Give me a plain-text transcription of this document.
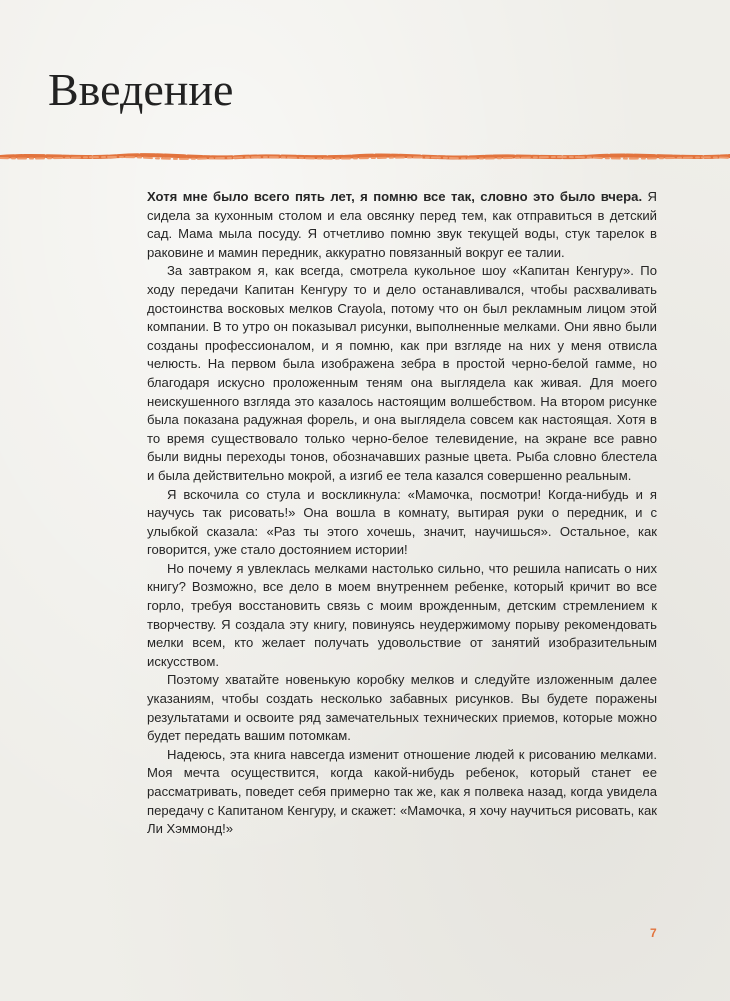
Введение

Хотя мне было всего пять лет, я помню все так, словно это было вчера. Я сидела за кухонным столом и ела овсянку перед тем, как отправиться в детский сад. Мама мыла посуду. Я отчетливо помню звук текущей воды, стук тарелок в раковине и мамин передник, аккуратно повязанный вокруг ее талии.

За завтраком я, как всегда, смотрела кукольное шоу «Капитан Кенгуру». По ходу передачи Капитан Кенгуру то и дело останавливался, чтобы расхваливать достоинства восковых мелков Crayola, потому что он был рекламным лицом этой компании. В то утро он показывал рисунки, выполненные мелками. Они явно были созданы профессионалом, и я помню, как при взгляде на них у меня отвисла челюсть. На первом была изображена зебра в простой черно-белой гамме, но благодаря искусно проложенным теням она выглядела как живая. Для моего неискушенного взгляда это казалось настоящим волшебством. На втором рисунке была показана радужная форель, и она выглядела совсем как настоящая. Хотя в то время существовало только черно-белое телевидение, на экране все равно были видны переходы тонов, обозначавших разные цвета. Рыба словно блестела и была действительно мокрой, а изгиб ее тела казался совершенно реальным.

Я вскочила со стула и воскликнула: «Мамочка, посмотри! Когда-нибудь и я научусь так рисовать!» Она вошла в комнату, вытирая руки о передник, и с улыбкой сказала: «Раз ты этого хочешь, значит, научишься». Остальное, как говорится, уже стало достоянием истории!

Но почему я увлеклась мелками настолько сильно, что решила написать о них книгу? Возможно, все дело в моем внутреннем ребенке, который кричит во все горло, требуя восстановить связь с моим врожденным, детским стремлением к творчеству. Я создала эту книгу, повинуясь неудержимому порыву рекомендовать мелки всем, кто желает получать удовольствие от занятий изобразительным искусством.

Поэтому хватайте новенькую коробку мелков и следуйте изложенным далее указаниям, чтобы создать несколько забавных рисунков. Вы будете поражены результатами и освоите ряд замечательных технических приемов, которые можно будет передать вашим потомкам.

Надеюсь, эта книга навсегда изменит отношение людей к рисованию мелками. Моя мечта осуществится, когда какой-нибудь ребенок, который станет ее рассматривать, поведет себя примерно так же, как я полвека назад, когда увидела передачу с Капитаном Кенгуру, и скажет: «Мамочка, я хочу научиться рисовать, как Ли Хэммонд!»

7
